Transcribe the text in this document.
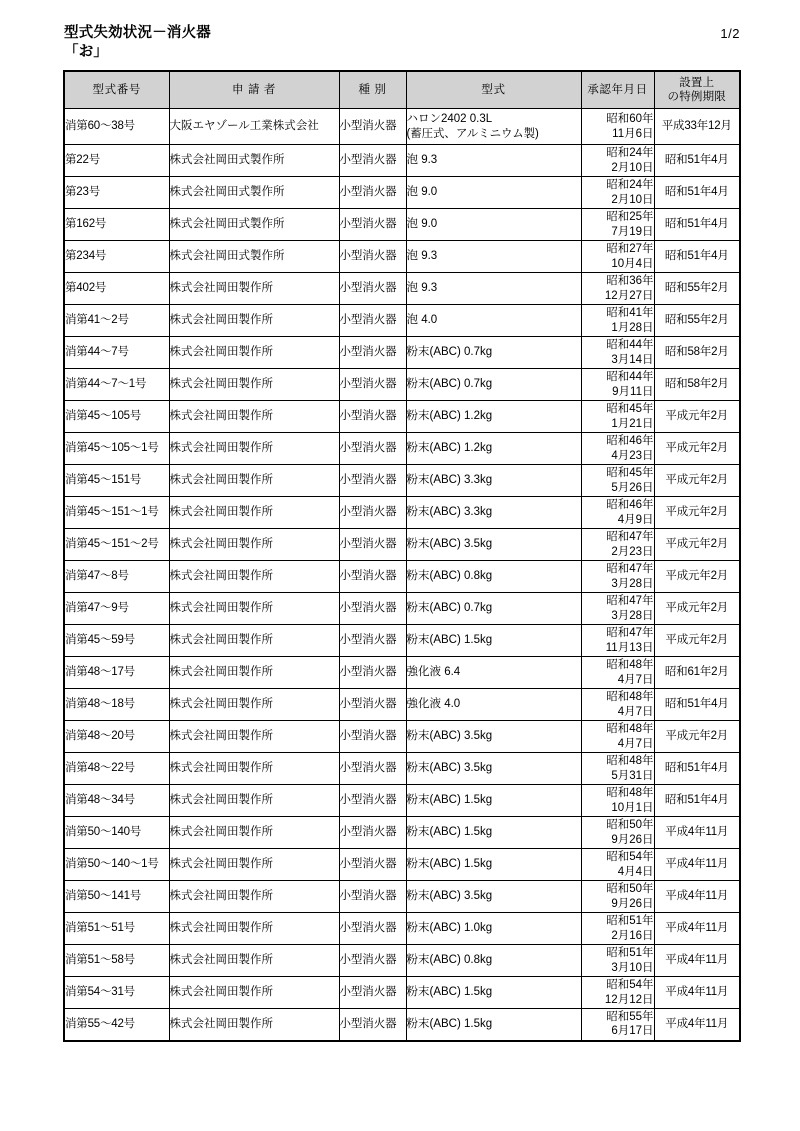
型式失効状況－消火器
「お」
1/2
型式番号	申 請 者	種 別	型式	承認年月日	設置上
の特例期限

消第60～38号	大阪エヤゾール工業株式会社	小型消火器	ハロン2402 0.3L
(蓄圧式、アルミニウム製)	昭和60年
11月6日	平成33年12月
第22号	株式会社岡田式製作所	小型消火器	泡 9.3	昭和24年
2月10日	昭和51年4月
第23号	株式会社岡田式製作所	小型消火器	泡 9.0	昭和24年
2月10日	昭和51年4月
第162号	株式会社岡田式製作所	小型消火器	泡 9.0	昭和25年
7月19日	昭和51年4月
第234号	株式会社岡田式製作所	小型消火器	泡 9.3	昭和27年
10月4日	昭和51年4月
第402号	株式会社岡田製作所	小型消火器	泡 9.3	昭和36年
12月27日	昭和55年2月
消第41～2号	株式会社岡田製作所	小型消火器	泡 4.0	昭和41年
1月28日	昭和55年2月
消第44～7号	株式会社岡田製作所	小型消火器	粉末(ABC) 0.7kg	昭和44年
3月14日	昭和58年2月
消第44～7～1号	株式会社岡田製作所	小型消火器	粉末(ABC) 0.7kg	昭和44年
9月11日	昭和58年2月
消第45～105号	株式会社岡田製作所	小型消火器	粉末(ABC) 1.2kg	昭和45年
1月21日	平成元年2月
消第45～105～1号	株式会社岡田製作所	小型消火器	粉末(ABC) 1.2kg	昭和46年
4月23日	平成元年2月
消第45～151号	株式会社岡田製作所	小型消火器	粉末(ABC) 3.3kg	昭和45年
5月26日	平成元年2月
消第45～151～1号	株式会社岡田製作所	小型消火器	粉末(ABC) 3.3kg	昭和46年
4月9日	平成元年2月
消第45～151～2号	株式会社岡田製作所	小型消火器	粉末(ABC) 3.5kg	昭和47年
2月23日	平成元年2月
消第47～8号	株式会社岡田製作所	小型消火器	粉末(ABC) 0.8kg	昭和47年
3月28日	平成元年2月
消第47～9号	株式会社岡田製作所	小型消火器	粉末(ABC) 0.7kg	昭和47年
3月28日	平成元年2月
消第45～59号	株式会社岡田製作所	小型消火器	粉末(ABC) 1.5kg	昭和47年
11月13日	平成元年2月
消第48～17号	株式会社岡田製作所	小型消火器	強化液 6.4	昭和48年
4月7日	昭和61年2月
消第48～18号	株式会社岡田製作所	小型消火器	強化液 4.0	昭和48年
4月7日	昭和51年4月
消第48～20号	株式会社岡田製作所	小型消火器	粉末(ABC) 3.5kg	昭和48年
4月7日	平成元年2月
消第48～22号	株式会社岡田製作所	小型消火器	粉末(ABC) 3.5kg	昭和48年
5月31日	昭和51年4月
消第48～34号	株式会社岡田製作所	小型消火器	粉末(ABC) 1.5kg	昭和48年
10月1日	昭和51年4月
消第50～140号	株式会社岡田製作所	小型消火器	粉末(ABC) 1.5kg	昭和50年
9月26日	平成4年11月
消第50～140～1号	株式会社岡田製作所	小型消火器	粉末(ABC) 1.5kg	昭和54年
4月4日	平成4年11月
消第50～141号	株式会社岡田製作所	小型消火器	粉末(ABC) 3.5kg	昭和50年
9月26日	平成4年11月
消第51～51号	株式会社岡田製作所	小型消火器	粉末(ABC) 1.0kg	昭和51年
2月16日	平成4年11月
消第51～58号	株式会社岡田製作所	小型消火器	粉末(ABC) 0.8kg	昭和51年
3月10日	平成4年11月
消第54～31号	株式会社岡田製作所	小型消火器	粉末(ABC) 1.5kg	昭和54年
12月12日	平成4年11月
消第55～42号	株式会社岡田製作所	小型消火器	粉末(ABC) 1.5kg	昭和55年
6月17日	平成4年11月
